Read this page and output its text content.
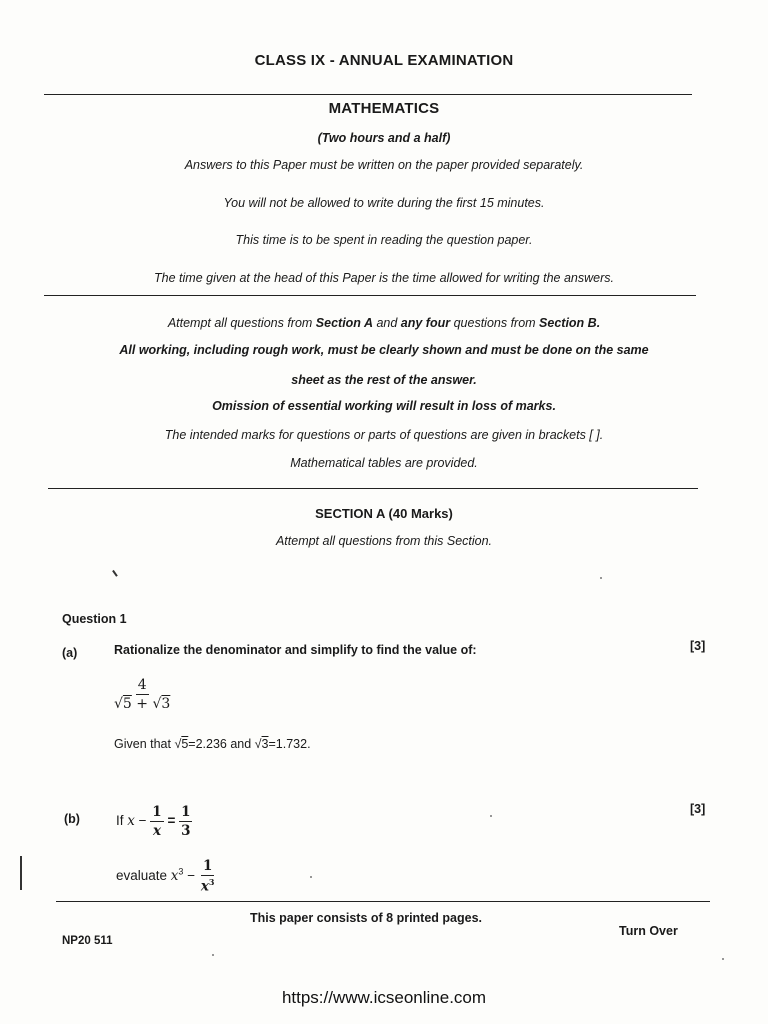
CLASS IX - ANNUAL EXAMINATION
MATHEMATICS
(Two hours and a half)
Answers to this Paper must be written on the paper provided separately.
You will not be allowed to write during the first 15 minutes.
This time is to be spent in reading the question paper.
The time given at the head of this Paper is the time allowed for writing the answers.
Attempt all questions from Section A and any four questions from Section B.
All working, including rough work, must be clearly shown and must be done on the same
sheet as the rest of the answer.
Omission of essential working will result in loss of marks.
The intended marks for questions or parts of questions are given in brackets [ ].
Mathematical tables are provided.
SECTION A (40 Marks)
Attempt all questions from this Section.
Question 1
(a)	Rationalize the denominator and simplify to find the value of:	[3]
$\frac{4}{√5 + √3}$
Given that √5=2.236 and √3=1.732.
(b)
[3]
If $x - \frac{1}{x} = \frac{1}{3}$
evaluate $x^3 - \frac{1}{x^3}$
This paper consists of 8 printed pages.
Turn Over
NP20 511
https://www.icseonline.com
